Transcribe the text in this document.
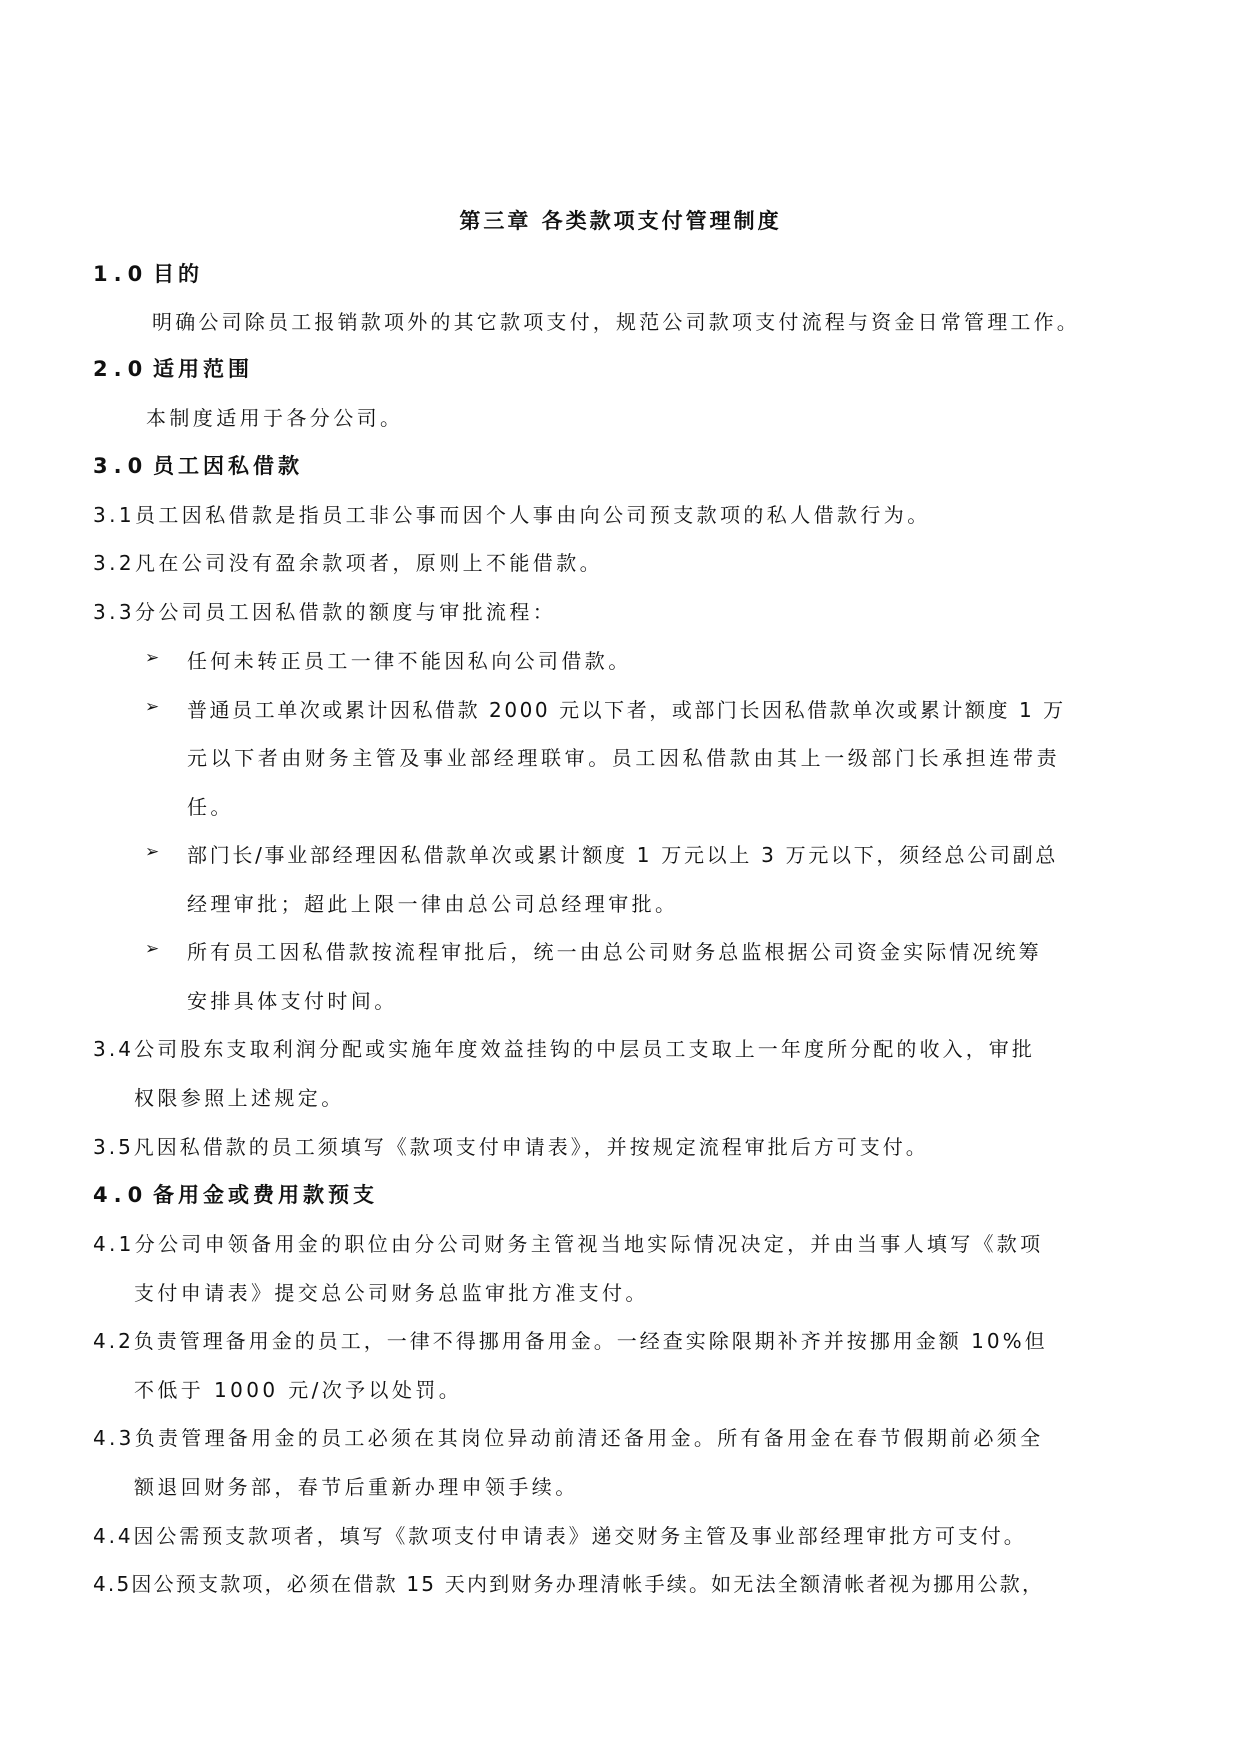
第三章 各类款项支付管理制度
1.0 目的
明确公司除员工报销款项外的其它款项支付，规范公司款项支付流程与资金日常管理工作。
2.0 适用范围
本制度适用于各分公司。
3.0 员工因私借款
3.1员工因私借款是指员工非公事而因个人事由向公司预支款项的私人借款行为。
3.2凡在公司没有盈余款项者，原则上不能借款。
3.3分公司员工因私借款的额度与审批流程：
➢ 任何未转正员工一律不能因私向公司借款。
➢ 普通员工单次或累计因私借款 2000 元以下者，或部门长因私借款单次或累计额度 1 万
元以下者由财务主管及事业部经理联审。员工因私借款由其上一级部门长承担连带责
任。
➢ 部门长/事业部经理因私借款单次或累计额度 1 万元以上 3 万元以下，须经总公司副总
经理审批；超此上限一律由总公司总经理审批。
➢ 所有员工因私借款按流程审批后，统一由总公司财务总监根据公司资金实际情况统筹
安排具体支付时间。
3.4公司股东支取利润分配或实施年度效益挂钩的中层员工支取上一年度所分配的收入，审批
权限参照上述规定。
3.5凡因私借款的员工须填写《款项支付申请表》，并按规定流程审批后方可支付。
4.0 备用金或费用款预支
4.1分公司申领备用金的职位由分公司财务主管视当地实际情况决定，并由当事人填写《款项
支付申请表》提交总公司财务总监审批方准支付。
4.2负责管理备用金的员工，一律不得挪用备用金。一经查实除限期补齐并按挪用金额 10%但
不低于 1000 元/次予以处罚。
4.3负责管理备用金的员工必须在其岗位异动前清还备用金。所有备用金在春节假期前必须全
额退回财务部，春节后重新办理申领手续。
4.4因公需预支款项者，填写《款项支付申请表》递交财务主管及事业部经理审批方可支付。
4.5因公预支款项，必须在借款 15 天内到财务办理清帐手续。如无法全额清帐者视为挪用公款，
